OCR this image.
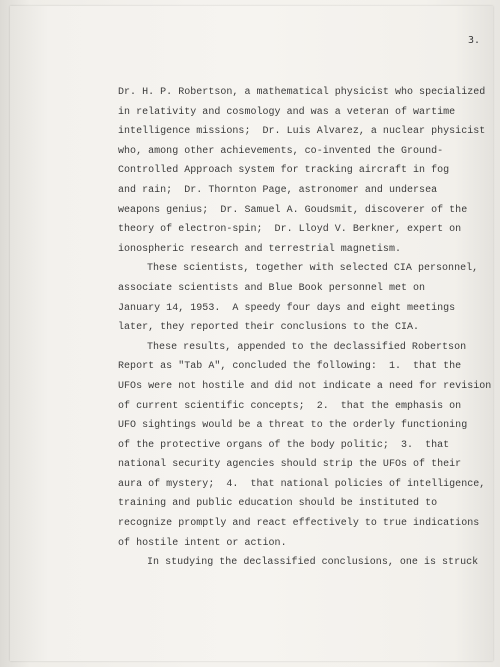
3.

Dr. H. P. Robertson, a mathematical physicist who specialized
in relativity and cosmology and was a veteran of wartime
intelligence missions;  Dr. Luis Alvarez, a nuclear physicist
who, among other achievements, co-invented the Ground-
Controlled Approach system for tracking aircraft in fog
and rain;  Dr. Thornton Page, astronomer and undersea
weapons genius;  Dr. Samuel A. Goudsmit, discoverer of the
theory of electron-spin;  Dr. Lloyd V. Berkner, expert on
ionospheric research and terrestrial magnetism.
These scientists, together with selected CIA personnel,
associate scientists and Blue Book personnel met on
January 14, 1953.  A speedy four days and eight meetings
later, they reported their conclusions to the CIA.
These results, appended to the declassified Robertson
Report as "Tab A", concluded the following:  1.  that the
UFOs were not hostile and did not indicate a need for revision
of current scientific concepts;  2.  that the emphasis on
UFO sightings would be a threat to the orderly functioning
of the protective organs of the body politic;  3.  that
national security agencies should strip the UFOs of their
aura of mystery;  4.  that national policies of intelligence,
training and public education should be instituted to
recognize promptly and react effectively to true indications
of hostile intent or action.
In studying the declassified conclusions, one is struck
